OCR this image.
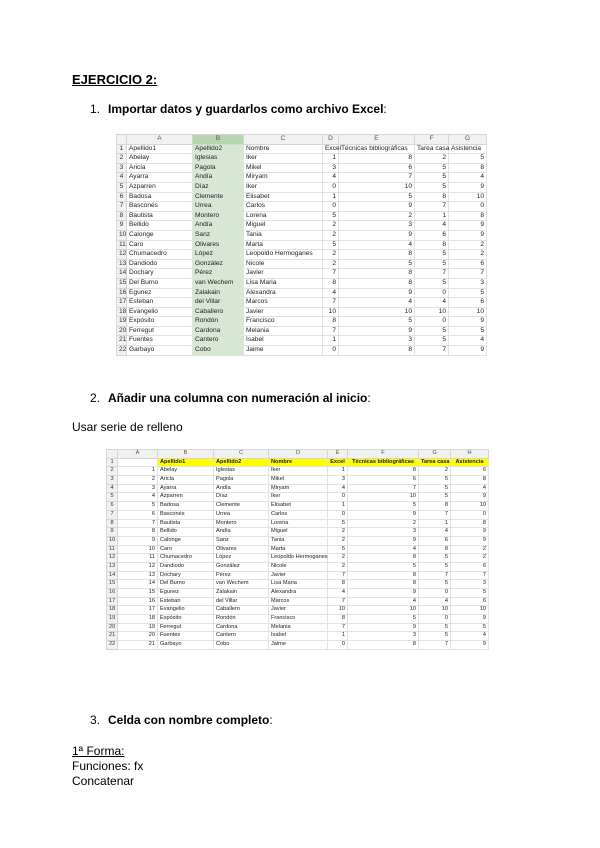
EJERCICIO 2:
1. Importar datos y guardarlos como archivo Excel:
	A	B	C	D	E	F	G
1	Apellido1	Apellido2	Nombre	Excel	Técnicas bibliográficas	Tarea casa	Asistencia
2	Abelay	Iglesias	Iker	1	8	2	5
3	Aricla	Pagola	Mikel	3	6	5	8
4	Ayarra	Andía	Miryam	4	7	5	4
5	Azparren	Díaz	Iker	0	10	5	9
6	Badosa	Clemente	Elisabet	1	5	8	10
7	Basconés	Urrea	Carlos	0	9	7	0
8	Bautista	Montero	Lorena	5	2	1	8
9	Bellido	Andía	Miguel	2	3	4	9
10	Calonge	Sanz	Tania	2	9	6	9
11	Caro	Olivares	Marta	5	4	8	2
12	Chumacedro	López	Leopoldo Hermoganes	2	8	5	2
13	Dandiodo	González	Nicole	2	5	5	6
14	Dochary	Pérez	Javier	7	8	7	7
15	Del Burno	van Wechem	Lisa Maria	8	8	5	3
16	Egunez	Zalakain	Alexandra	4	9	0	5
17	Esteban	del Villar	Marcos	7	4	4	6
18	Evangelio	Caballero	Javier	10	10	10	10
19	Expósito	Rondón	Francisco	8	5	0	9
20	Ferregut	Cardona	Melania	7	9	5	5
21	Fuentes	Cantero	Isabel	1	3	5	4
22	Garbayo	Cobo	Jaime	0	8	7	9
2. Añadir una columna con numeración al inicio:
Usar serie de relleno
	A	B	C	D	E	F	G	H
1		Apellido1	Apellido2	Nombre	Excel	Técnicas bibliográficas	Tarea casa	Asistencia
2	1	Abelay	Iglesias	Iker	1	8	2	6
3	2	Aricla	Pagola	Mikel	3	6	5	8
4	3	Ayarra	Andía	Miryam	4	7	5	4
5	4	Azparren	Díaz	Iker	0	10	5	9
6	5	Badosa	Clemente	Elisabet	1	5	8	10
7	6	Basconés	Urrea	Carlos	0	9	7	0
8	7	Bautista	Montero	Lorena	5	2	1	8
9	8	Bellido	Andía	Miguel	2	3	4	9
10	9	Calonge	Sanz	Tania	2	9	6	9
11	10	Caro	Olivares	Marta	5	4	8	2
12	11	Chumacedro	López	Leopoldo Hermoganes	2	8	5	2
13	12	Dandiodo	González	Nicole	2	5	5	6
14	13	Dochary	Pérez	Javier	7	8	7	7
15	14	Del Burno	van Wechem	Lisa Maria	8	8	5	3
16	15	Egunez	Zalakain	Alexandra	4	9	0	5
17	16	Esteban	del Villar	Marcos	7	4	4	6
18	17	Evangelio	Caballero	Javier	10	10	10	10
19	18	Expósito	Rondón	Francisco	8	5	0	9
20	19	Ferregut	Cardona	Melania	7	9	5	5
21	20	Fuentes	Cantero	Isabel	1	3	5	4
22	21	Garbayo	Cobo	Jaime	0	8	7	9
3. Celda con nombre completo:
1ª Forma:
Funciones: fx
Concatenar
